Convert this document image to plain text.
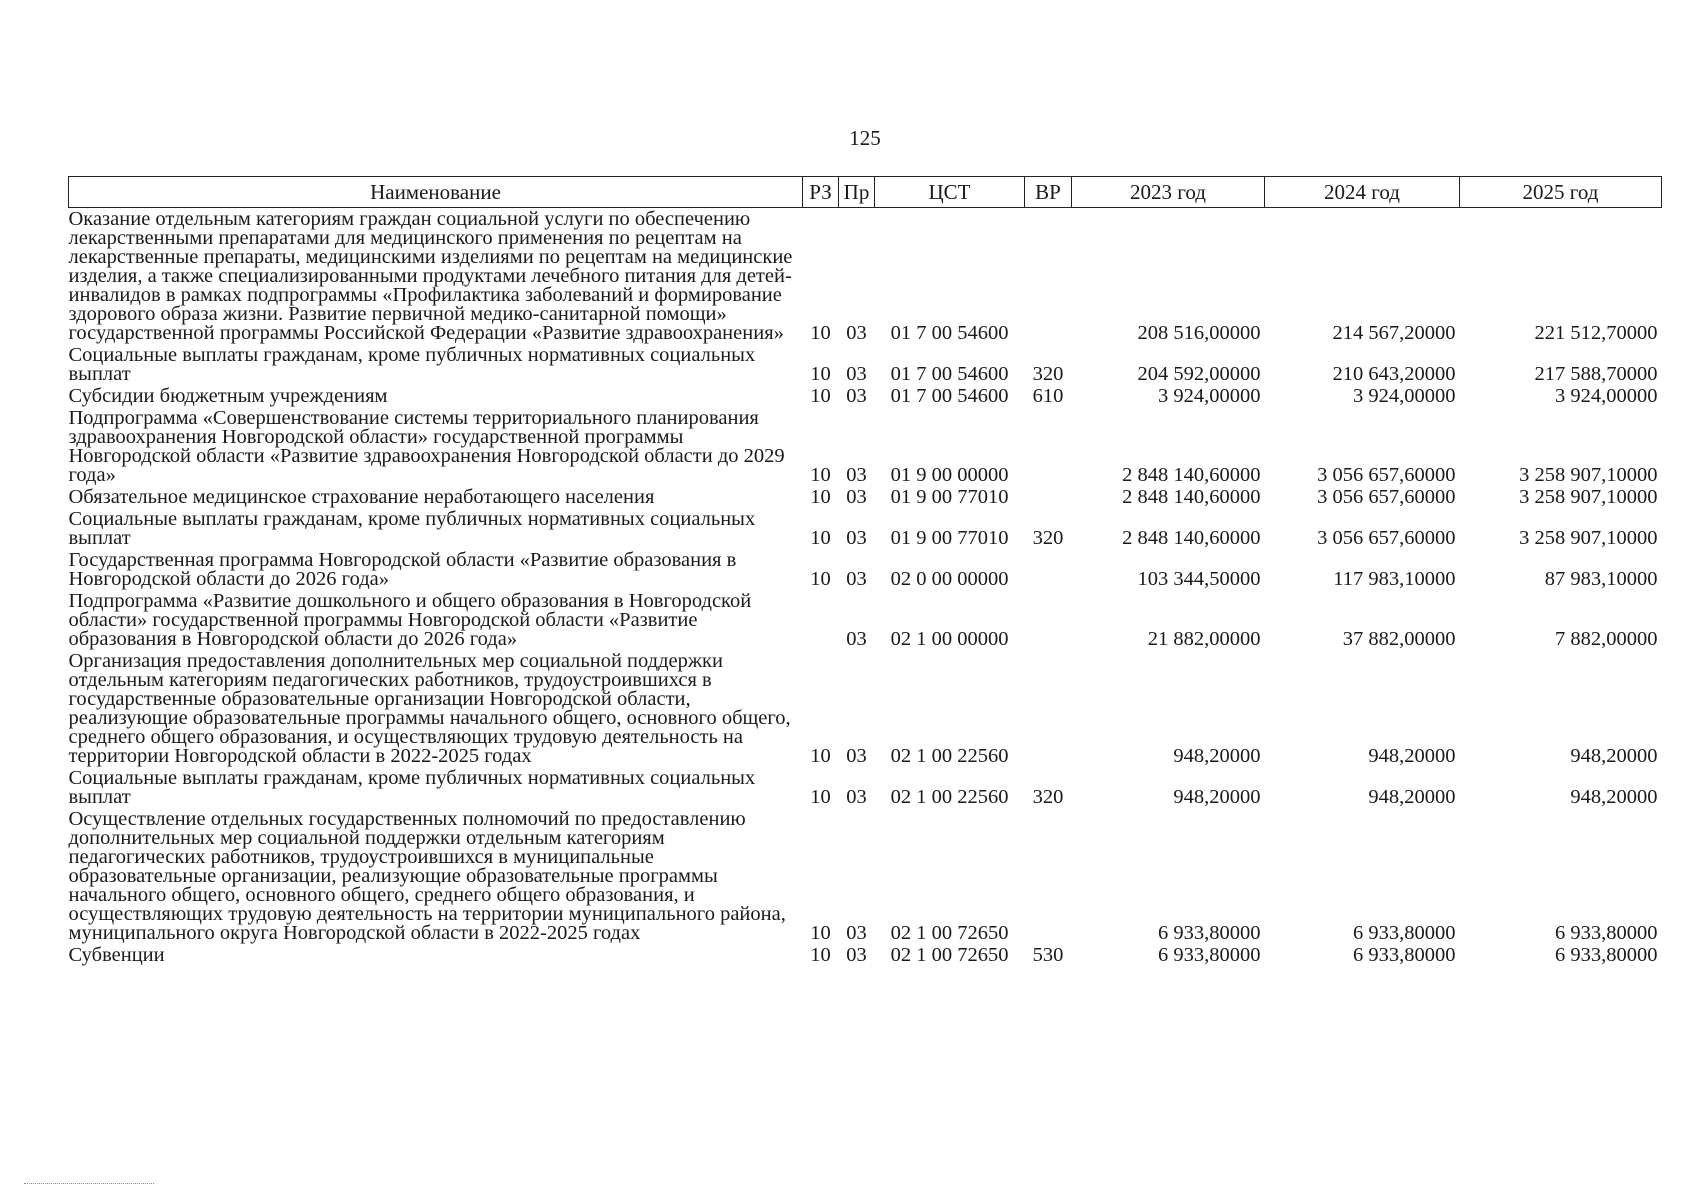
125
Наименование	РЗ	Пр	ЦСТ	ВР	2023 год	2024 год	2025 год
Оказание отдельным категориям граждан социальной услуги по обеспечению лекарственными препаратами для медицинского применения по рецептам на лекарственные препараты, медицинскими изделиями по рецептам на медицинские изделия, а также специализированными продуктами лечебного питания для детей-инвалидов в рамках подпрограммы «Профилактика заболеваний и формирование здорового образа жизни. Развитие первичной медико-санитарной помощи» государственной программы Российской Федерации «Развитие здравоохранения»	10	03	01 7 00 54600		208 516,00000	214 567,20000	221 512,70000
Социальные выплаты гражданам, кроме публичных нормативных социальных выплат	10	03	01 7 00 54600	320	204 592,00000	210 643,20000	217 588,70000
Субсидии бюджетным учреждениям	10	03	01 7 00 54600	610	3 924,00000	3 924,00000	3 924,00000
Подпрограмма «Совершенствование системы территориального планирования здравоохранения Новгородской области» государственной программы Новгородской области «Развитие здравоохранения Новгородской области до 2029 года»	10	03	01 9 00 00000		2 848 140,60000	3 056 657,60000	3 258 907,10000
Обязательное медицинское страхование неработающего населения	10	03	01 9 00 77010		2 848 140,60000	3 056 657,60000	3 258 907,10000
Социальные выплаты гражданам, кроме публичных нормативных социальных выплат	10	03	01 9 00 77010	320	2 848 140,60000	3 056 657,60000	3 258 907,10000
Государственная программа Новгородской области «Развитие образования в Новгородской области до 2026 года»	10	03	02 0 00 00000		103 344,50000	117 983,10000	87 983,10000
Подпрограмма «Развитие дошкольного и общего образования в Новгородской области» государственной программы Новгородской области «Развитие образования в Новгородской области до 2026 года»		03	02 1 00 00000		21 882,00000	37 882,00000	7 882,00000
Организация предоставления дополнительных мер социальной поддержки отдельным категориям педагогических работников, трудоустроившихся в государственные образовательные организации Новгородской области, реализующие образовательные программы начального общего, основного общего, среднего общего образования, и осуществляющих трудовую деятельность на территории Новгородской области в 2022-2025 годах	10	03	02 1 00 22560		948,20000	948,20000	948,20000
Социальные выплаты гражданам, кроме публичных нормативных социальных выплат	10	03	02 1 00 22560	320	948,20000	948,20000	948,20000
Осуществление отдельных государственных полномочий по предоставлению дополнительных мер социальной поддержки отдельным категориям педагогических работников, трудоустроившихся в муниципальные образовательные организации, реализующие образовательные программы начального общего, основного общего, среднего общего образования, и осуществляющих трудовую деятельность на территории муниципального района, муниципального округа Новгородской области в 2022-2025 годах	10	03	02 1 00 72650		6 933,80000	6 933,80000	6 933,80000
Субвенции	10	03	02 1 00 72650	530	6 933,80000	6 933,80000	6 933,80000
